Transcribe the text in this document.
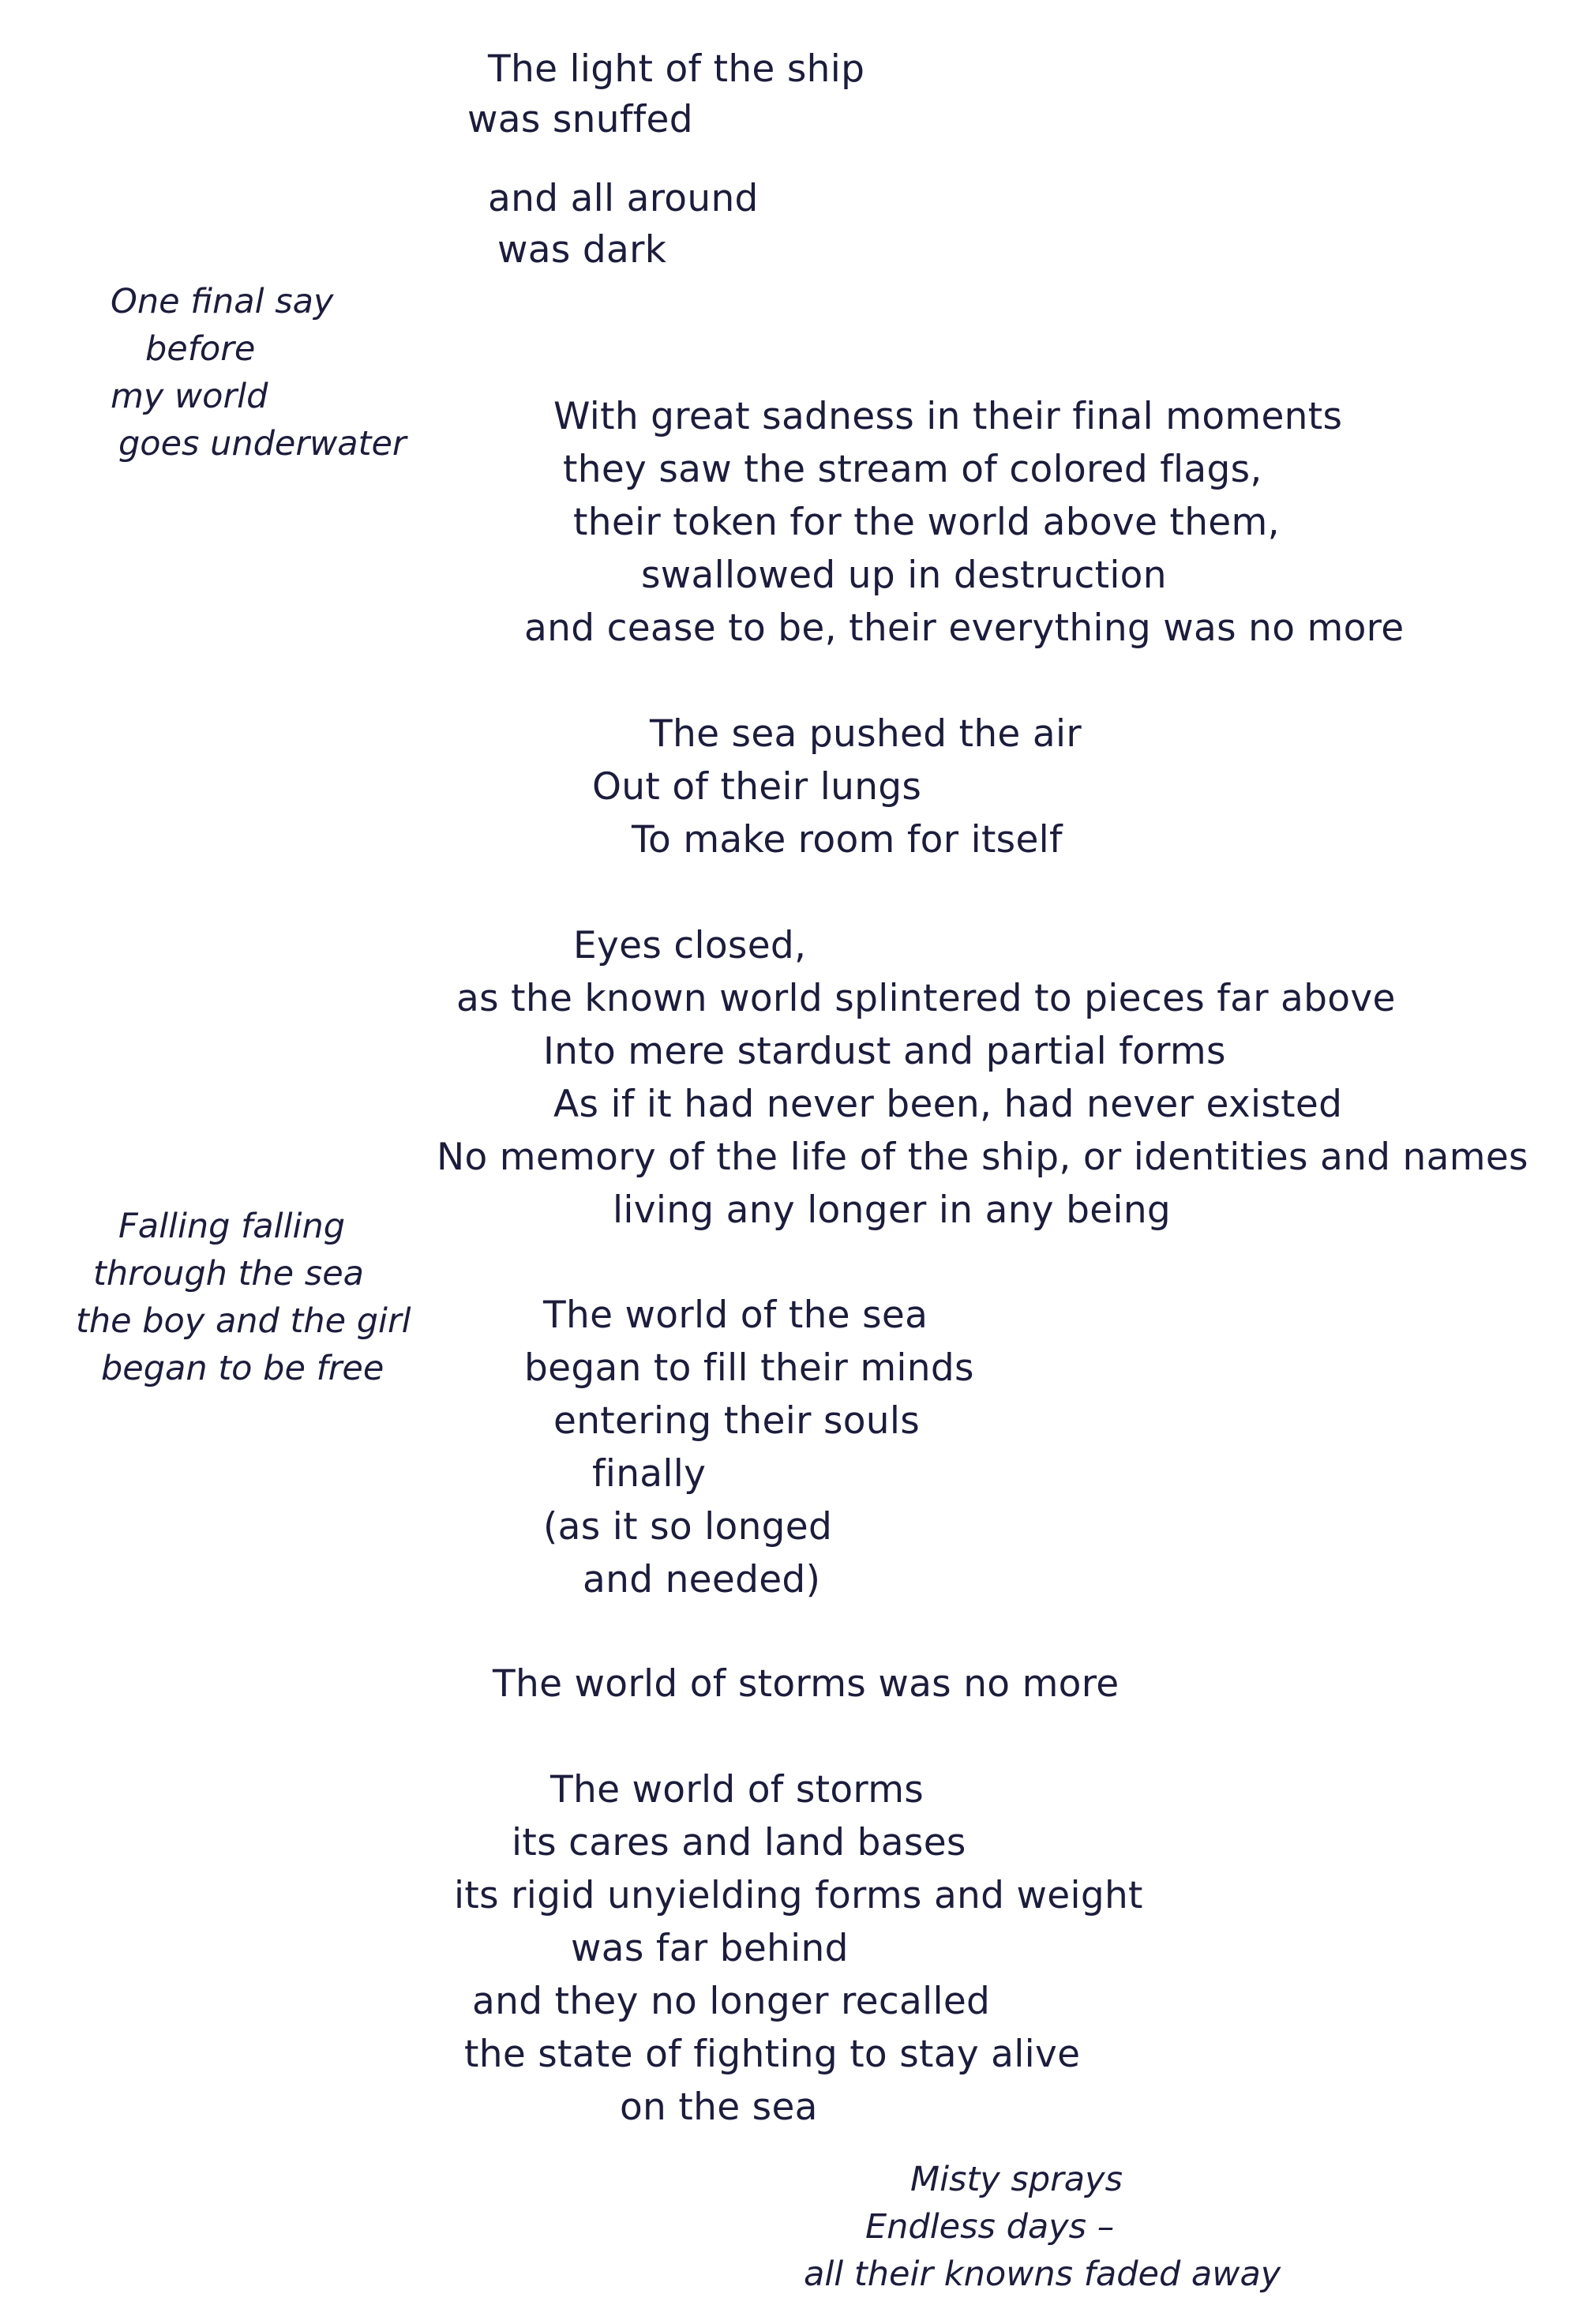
The light of the ship
was snuffed
and all around
was dark
One final say
before
my world
goes underwater
With great sadness in their final moments
they saw the stream of colored flags,
their token for the world above them,
swallowed up in destruction
and cease to be, their everything was no more
The sea pushed the air
Out of their lungs
To make room for itself
Eyes closed,
as the known world splintered to pieces far above
Into mere stardust and partial forms
As if it had never been, had never existed
No memory of the life of the ship, or identities and names
living any longer in any being
Falling falling
through the sea
the boy and the girl
began to be free
The world of the sea
began to fill their minds
entering their souls
finally
(as it so longed
and needed)
The world of storms was no more
The world of storms
its cares and land bases
its rigid unyielding forms and weight
was far behind
and they no longer recalled
the state of fighting to stay alive
on the sea
Misty sprays
Endless days –
all their knowns faded away
